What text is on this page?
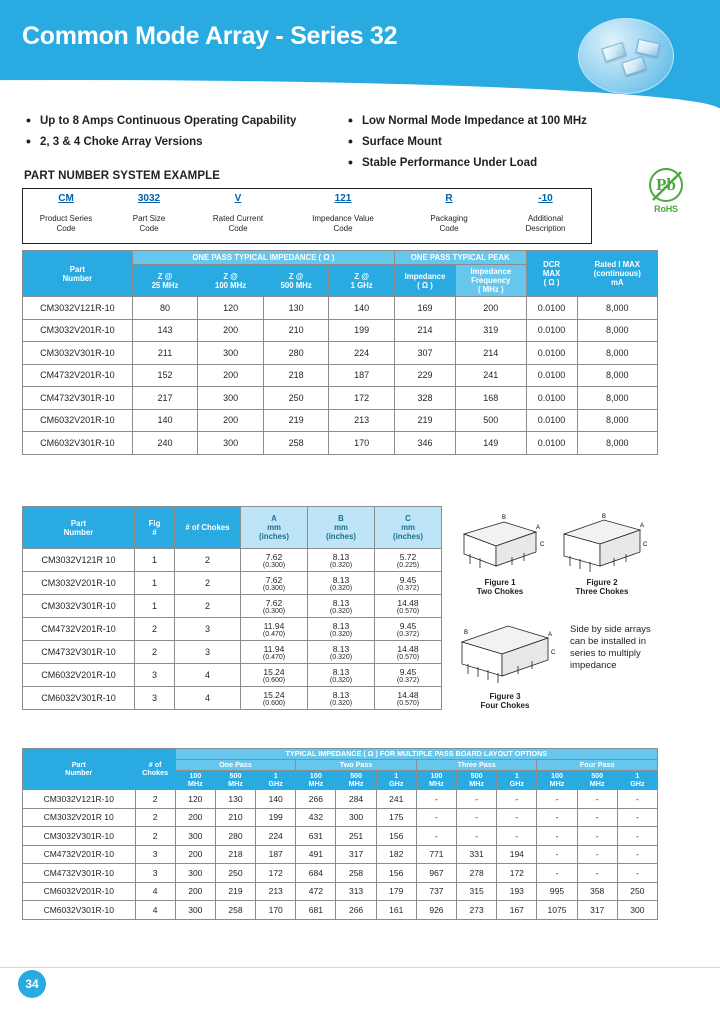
Common Mode Array - Series 32
• Up to 8 Amps Continuous Operating Capability
• 2, 3 & 4 Choke Array Versions
• Low Normal Mode Impedance at 100 MHz
• Surface Mount
• Stable Performance Under Load
PART NUMBER SYSTEM EXAMPLE	Pb
RoHS
CM
Product Series
Code
3032
Part Size
Code
V
Rated Current
Code
121
Impedance Value
Code
R
Packaging
Code
-10
Additional
Description
Part
Number	ONE PASS TYPICAL IMPEDANCE ( Ω )				ONE PASS TYPICAL PEAK		DCR
MAX
( Ω )	Rated I MAX
(continuous)
mA
	Z @
25 MHz	Z @
100 MHz	Z @
500 MHz	Z @
1 GHz	Impedance
( Ω )	Impedance
Frequency
( MHz )		
CM3032V121R-10	80	120	130	140	169	200	0.0100	8,000
CM3032V201R-10	143	200	210	199	214	319	0.0100	8,000
CM3032V301R-10	211	300	280	224	307	214	0.0100	8,000
CM4732V201R-10	152	200	218	187	229	241	0.0100	8,000
CM4732V301R-10	217	300	250	172	328	168	0.0100	8,000
CM6032V201R-10	140	200	219	213	219	500	0.0100	8,000
CM6032V301R-10	240	300	258	170	346	149	0.0100	8,000
Part
Number	Fig
#	# of Chokes	A
mm
(inches)	B
mm
(inches)	C
mm
(inches)
CM3032V121R 10	1	2	7.62
(0.300)	8.13
(0.320)	5.72
(0.225)

CM3032V201R-10	1	2	7.62
(0.300)	8.13
(0.320)	9.45
(0.372)

CM3032V301R-10	1	2	7.62
(0.300)	8.13
(0.320)	14.48
(0.570)

CM4732V201R-10	2	3	11.94
(0.470)	8.13
(0.320)	9.45
(0.372)

CM4732V301R-10	2	3	11.94
(0.470)	8.13
(0.320)	14.48
(0.570)

CM6032V201R-10	3	4	15.24
(0.600)	8.13
(0.320)	9.45
(0.372)

CM6032V301R-10	3	4	15.24
(0.600)	8.13
(0.320)	14.48
(0.570)
B
A
C
Figure 1
Two Chokes
B
A
C
Figure 2
Three Chokes
B	A
C
Figure 3
Four Chokes
Side by side arrays can be installed in series to multiply impedance
Part
Number	# of
Chokes	TYPICAL IMPEDANCE ( Ω ) FOR MULTIPLE PASS BOARD LAYOUT OPTIONS											
		One Pass			Two Pass			Three Pass			Four Pass		
		100
MHz	500
MHz	1
GHz	100
MHz	500
MHz	1
GHz	100
MHz	500
MHz	1
GHz	100
MHz	500
MHz	1
GHz
CM3032V121R-10	2	120	130	140	266	284	241	-	-	-	-	-	-
CM3032V201R 10	2	200	210	199	432	300	175	-	-	-	-	-	-
CM3032V301R-10	2	300	280	224	631	251	156	-	-	-	-	-	-
CM4732V201R-10	3	200	218	187	491	317	182	771	331	194	-	-	-
CM4732V301R-10	3	300	250	172	684	258	156	967	278	172	-	-	-
CM6032V201R-10	4	200	219	213	472	313	179	737	315	193	995	358	250
CM6032V301R-10	4	300	258	170	681	266	161	926	273	167	1075	317	300
34
